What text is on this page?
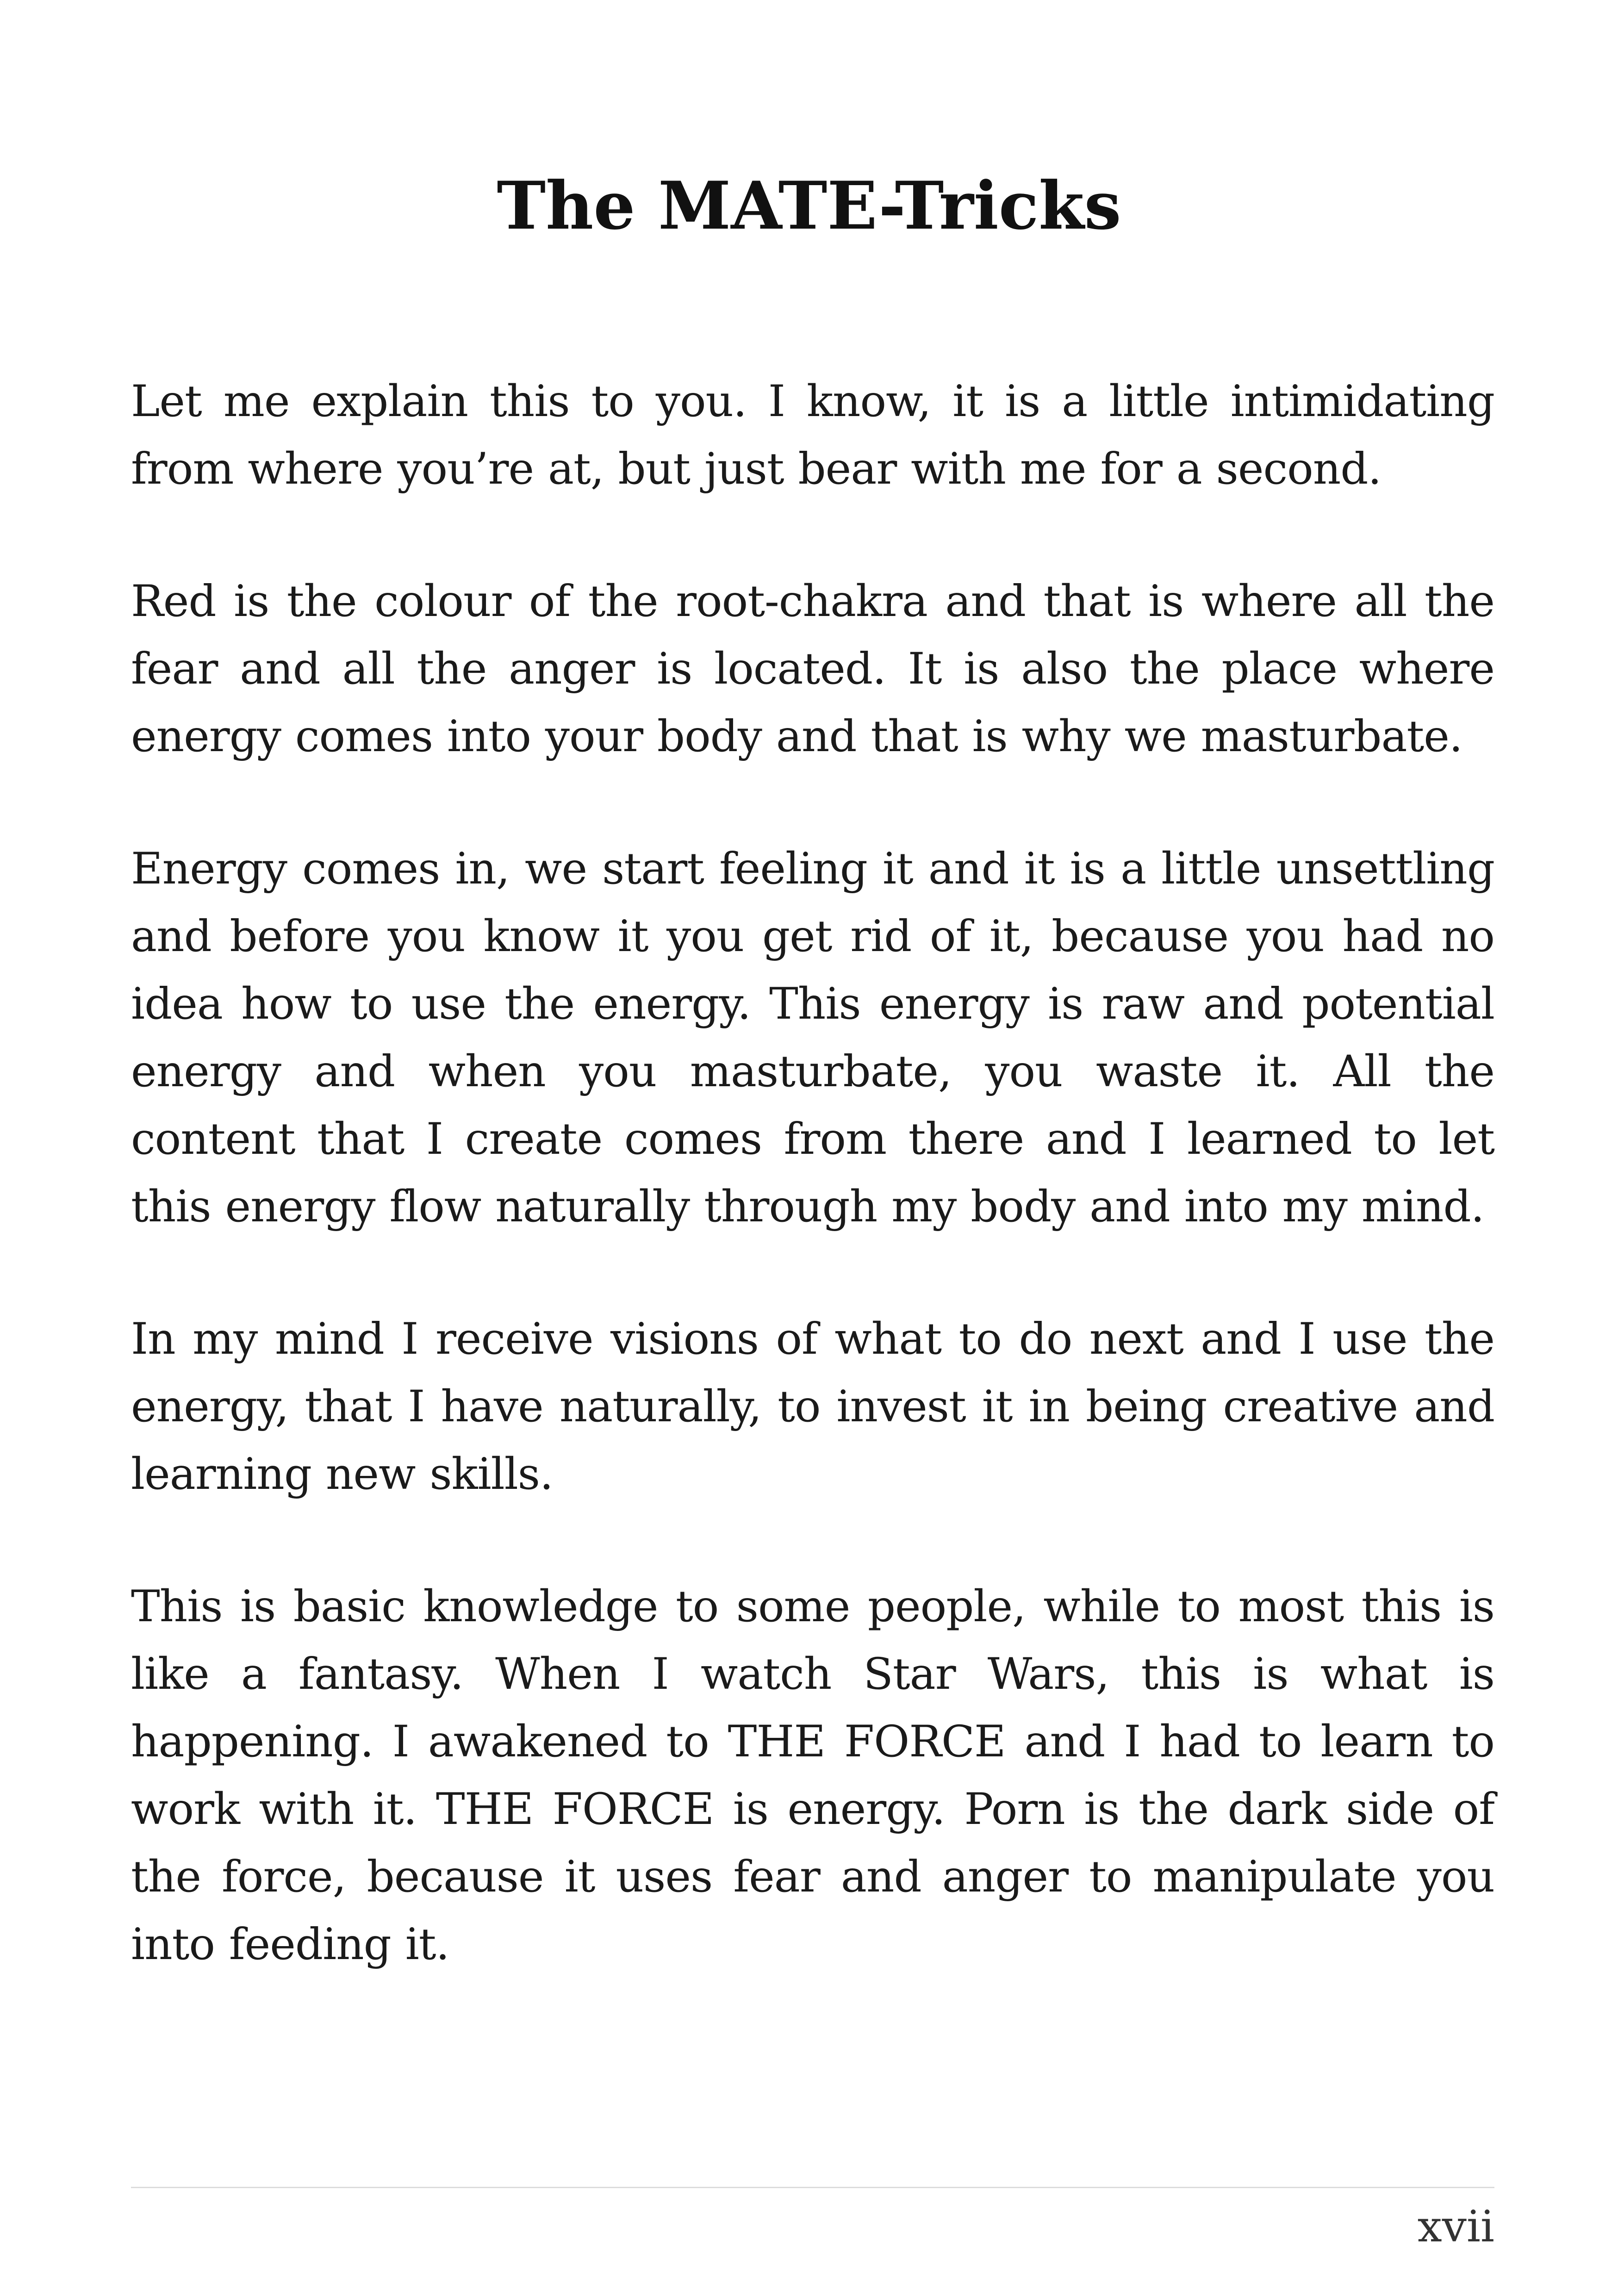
The MATE-Tricks

Let me explain this to you. I know, it is a little intimidating from where you’re at, but just bear with me for a second.

Red is the colour of the root-chakra and that is where all the fear and all the anger is located. It is also the place where energy comes into your body and that is why we masturbate.

Energy comes in, we start feeling it and it is a little unsettling and before you know it you get rid of it, because you had no idea how to use the energy. This energy is raw and potential energy and when you masturbate, you waste it. All the content that I create comes from there and I learned to let this energy flow naturally through my body and into my mind.

In my mind I receive visions of what to do next and I use the energy, that I have naturally, to invest it in being creative and learning new skills.

This is basic knowledge to some people, while to most this is like a fantasy. When I watch Star Wars, this is what is happening. I awakened to THE FORCE and I had to learn to work with it. THE FORCE is energy. Porn is the dark side of the force, because it uses fear and anger to manipulate you into feeding it.

xvii
